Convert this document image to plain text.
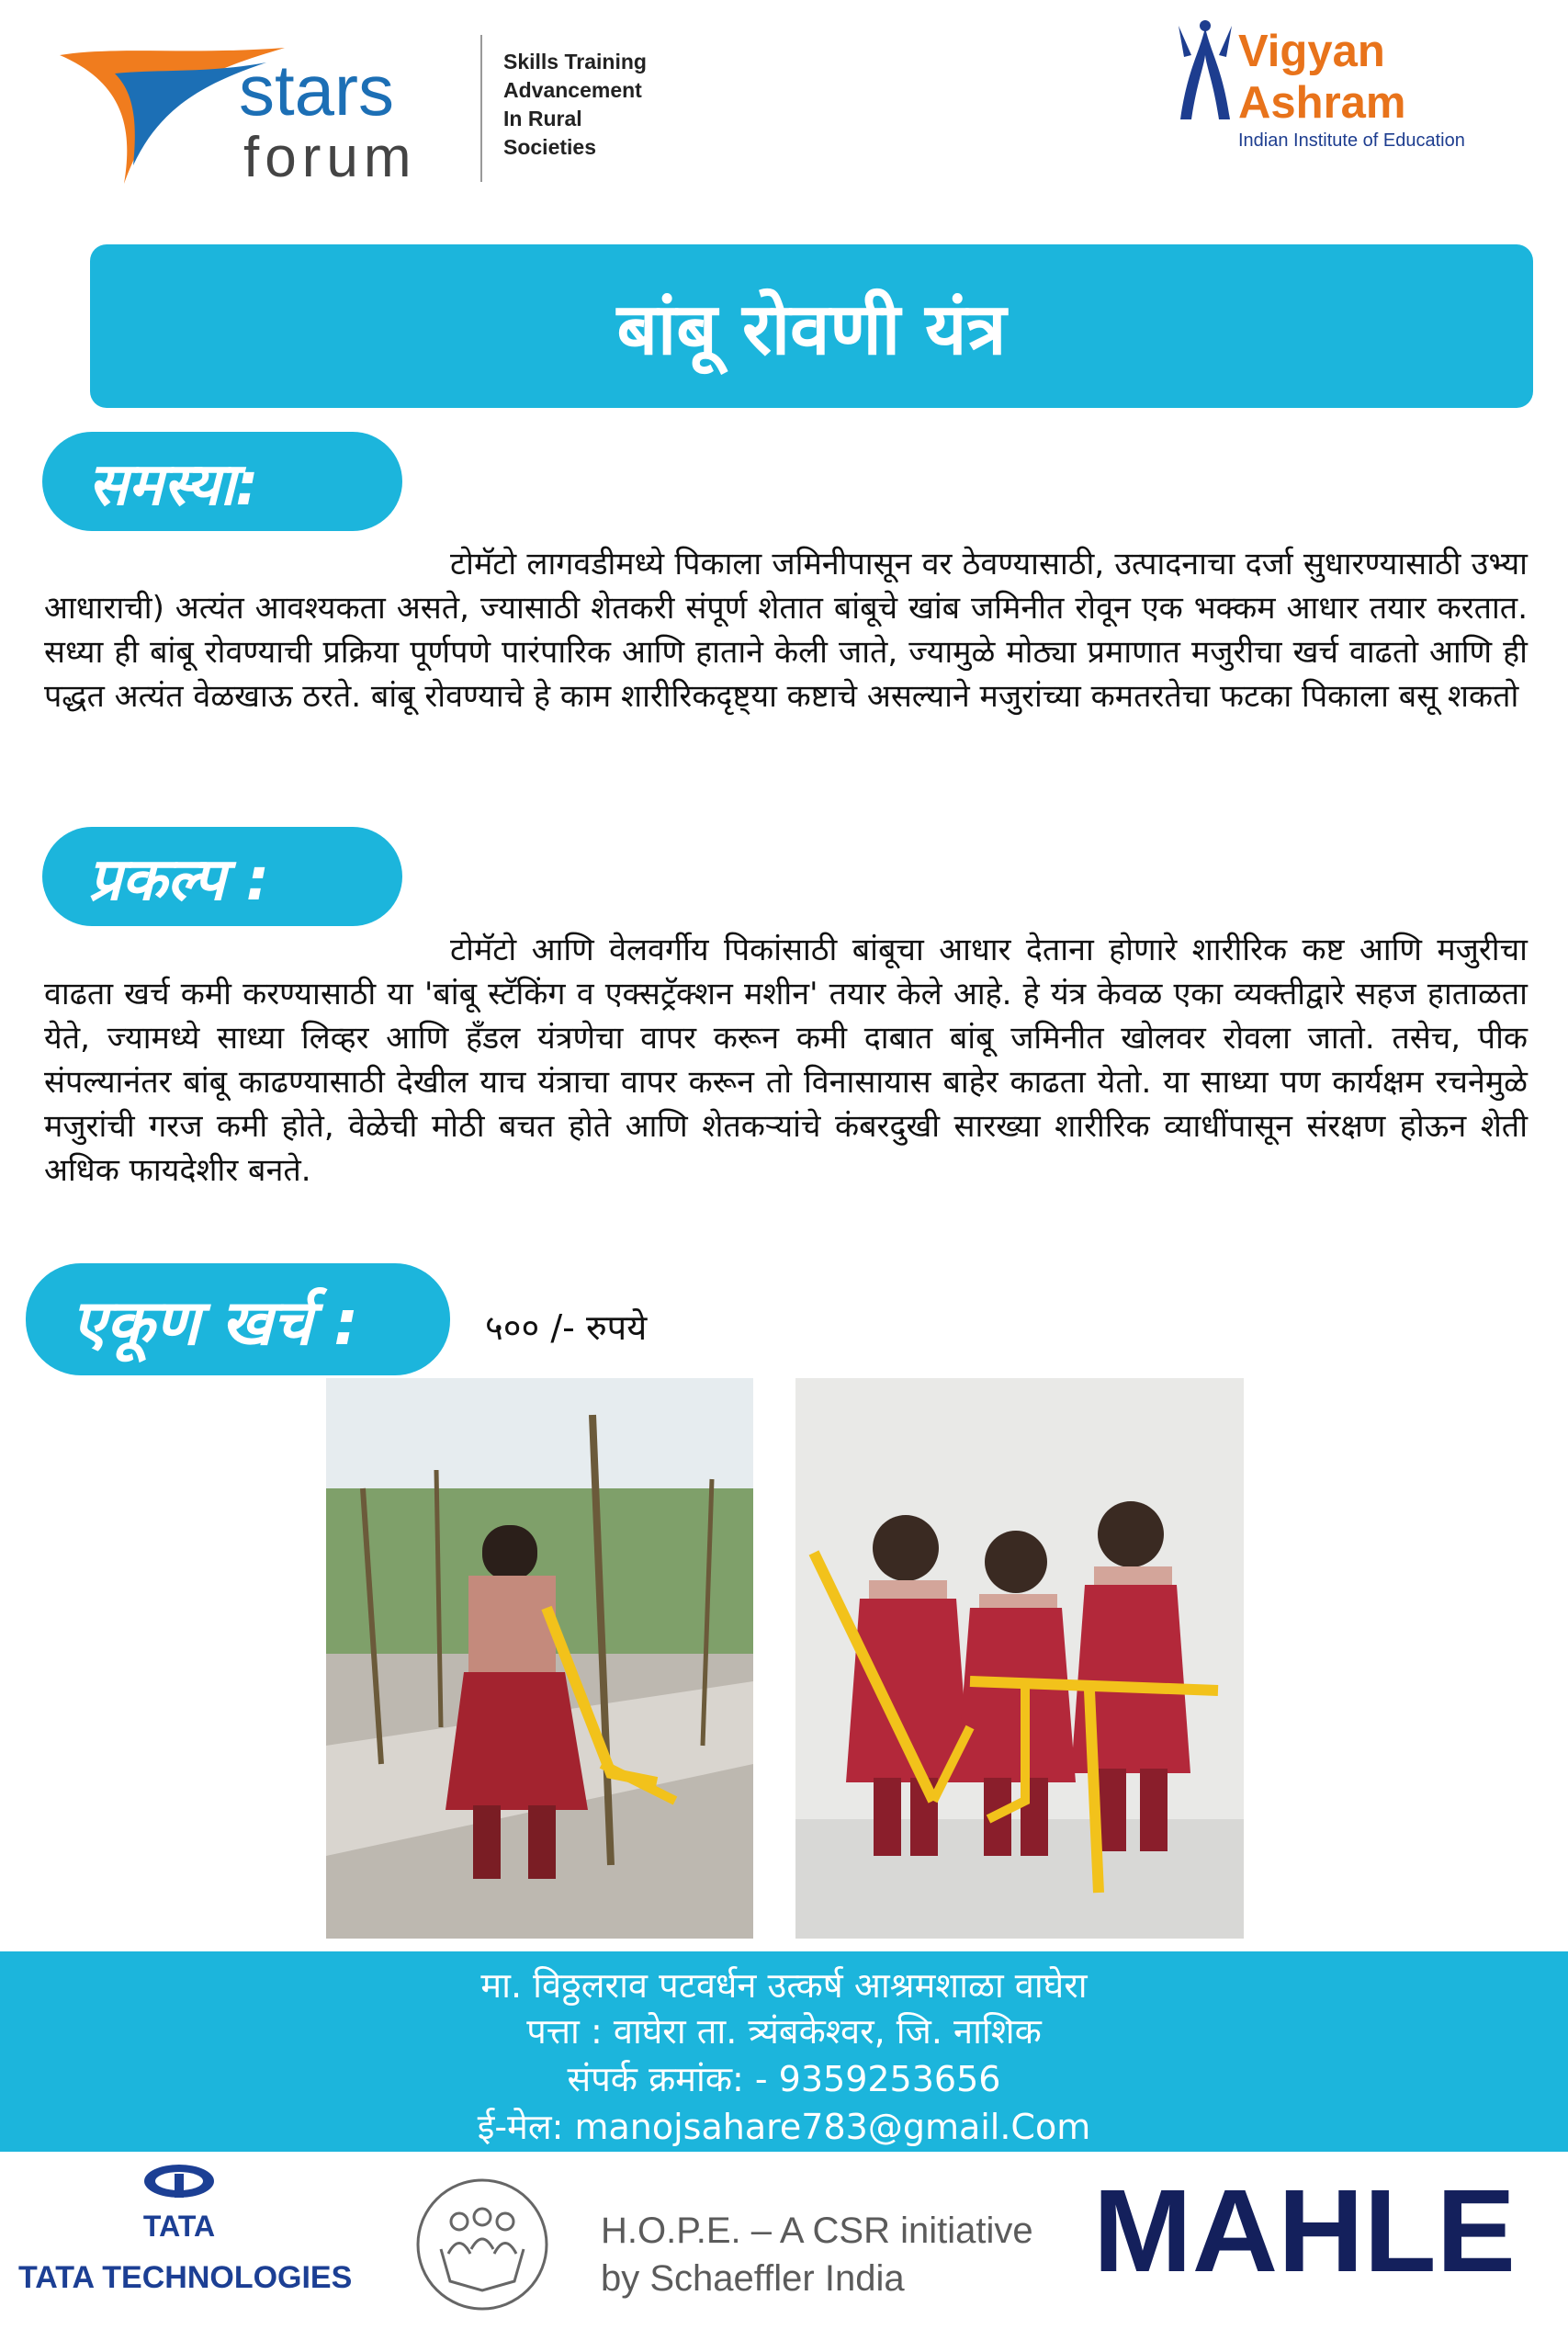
stars
forum
Skills Training
Advancement
In Rural
Societies
Vigyan
Ashram
Indian Institute of Education
बांबू रोवणी यंत्र
समस्या:
टोमॅटो लागवडीमध्ये पिकाला जमिनीपासून वर ठेवण्यासाठी, उत्पादनाचा दर्जा सुधारण्यासाठी उभ्या आधाराची) अत्यंत आवश्यकता असते, ज्यासाठी शेतकरी संपूर्ण शेतात बांबूचे खांब जमिनीत रोवून एक भक्कम आधार तयार करतात. सध्या ही बांबू रोवण्याची प्रक्रिया पूर्णपणे पारंपारिक आणि हाताने केली जाते, ज्यामुळे मोठ्या प्रमाणात मजुरीचा खर्च वाढतो आणि ही पद्धत अत्यंत वेळखाऊ ठरते. बांबू रोवण्याचे हे काम शारीरिकदृष्ट्या कष्टाचे असल्याने मजुरांच्या कमतरतेचा फटका पिकाला बसू शकतो
प्रकल्प :
टोमॅटो आणि वेलवर्गीय पिकांसाठी बांबूचा आधार देताना होणारे शारीरिक कष्ट आणि मजुरीचा वाढता खर्च कमी करण्यासाठी या 'बांबू स्टॅकिंग व एक्सट्रॅक्शन मशीन' तयार केले आहे. हे यंत्र केवळ एका व्यक्तीद्वारे सहज हाताळता येते, ज्यामध्ये साध्या लिव्हर आणि हँडल यंत्रणेचा वापर करून कमी दाबात बांबू जमिनीत खोलवर रोवला जातो. तसेच, पीक संपल्यानंतर बांबू काढण्यासाठी देखील याच यंत्राचा वापर करून तो विनासायास बाहेर काढता येतो. या साध्या पण कार्यक्षम रचनेमुळे मजुरांची गरज कमी होते, वेळेची मोठी बचत होते आणि शेतकऱ्यांचे कंबरदुखी सारख्या शारीरिक व्याधींपासून संरक्षण होऊन शेती अधिक फायदेशीर बनते.
एकूण खर्च :	५०० /- रुपये
मा. विठ्ठलराव पटवर्धन उत्कर्ष आश्रमशाळा वाघेरा
पत्ता : वाघेरा ता. त्र्यंबकेश्वर, जि. नाशिक
संपर्क क्रमांक: - 9359253656
ई-मेल: manojsahare783@gmail.Com
TATA
TATA TECHNOLOGIES
H.O.P.E. – A CSR initiative
by Schaeffler India	MAHLE
